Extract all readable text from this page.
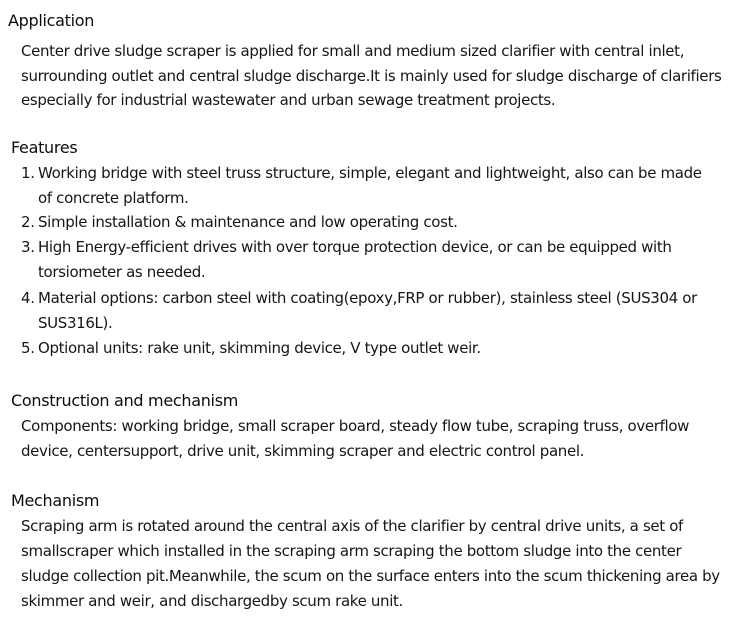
Application
Center drive sludge scraper is applied for small and medium sized clarifier with central inlet,
surrounding outlet and central sludge discharge.It is mainly used for sludge discharge of clarifiers
especially for industrial wastewater and urban sewage treatment projects.
Features
1. Working bridge with steel truss structure, simple, elegant and lightweight, also can be made
of concrete platform.
2. Simple installation & maintenance and low operating cost.
3. High Energy-efficient drives with over torque protection device, or can be equipped with
torsiometer as needed.
4. Material options: carbon steel with coating(epoxy,FRP or rubber), stainless steel (SUS304 or
SUS316L).
5. Optional units: rake unit, skimming device, V type outlet weir.
Construction and mechanism
Components: working bridge, small scraper board, steady flow tube, scraping truss, overflow
device, centersupport, drive unit, skimming scraper and electric control panel.
Mechanism
Scraping arm is rotated around the central axis of the clarifier by central drive units, a set of
smallscraper which installed in the scraping arm scraping the bottom sludge into the center
sludge collection pit.Meanwhile, the scum on the surface enters into the scum thickening area by
skimmer and weir, and dischargedby scum rake unit.
